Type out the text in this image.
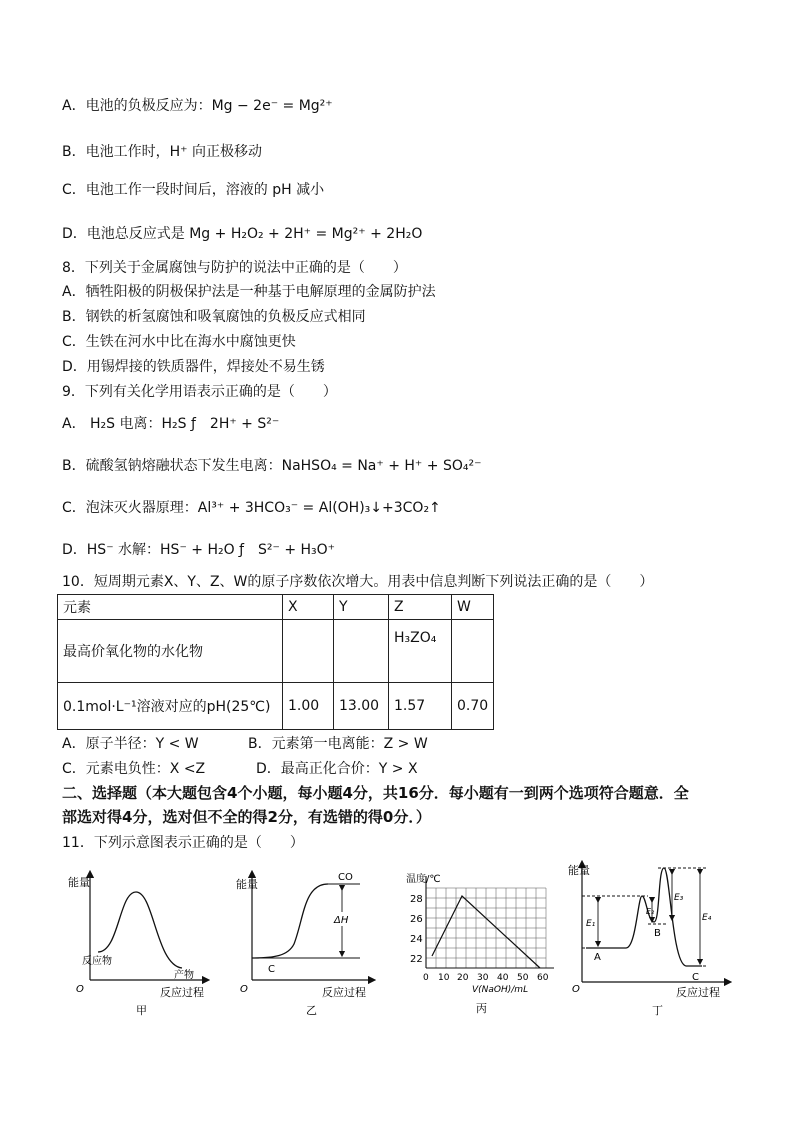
A．电池的负极反应为：Mg − 2e⁻ = Mg²⁺
B．电池工作时，H⁺ 向正极移动
C．电池工作一段时间后，溶液的 pH 减小
D．电池总反应式是 Mg + H₂O₂ + 2H⁺ = Mg²⁺ + 2H₂O
8．下列关于金属腐蚀与防护的说法中正确的是（　　）
A．牺牲阳极的阴极保护法是一种基于电解原理的金属防护法
B．钢铁的析氢腐蚀和吸氧腐蚀的负极反应式相同
C．生铁在河水中比在海水中腐蚀更快
D．用锡焊接的铁质器件，焊接处不易生锈
9．下列有关化学用语表示正确的是（　　）
A． H₂S 电离：H₂S ƒ　2H⁺ + S²⁻
B．硫酸氢钠熔融状态下发生电离：NaHSO₄ = Na⁺ + H⁺ + SO₄²⁻
C．泡沫灭火器原理：Al³⁺ + 3HCO₃⁻ = Al(OH)₃↓+3CO₂↑
D．HS⁻ 水解：HS⁻ + H₂O ƒ　S²⁻ + H₃O⁺
10．短周期元素X、Y、Z、W的原子序数依次增大。用表中信息判断下列说法正确的是（　　）
元素	X	Y	Z	W
最高价氧化物的水化物			H₃ZO₄	
0.1mol·L⁻¹溶液对应的pH(25℃)	1.00	13.00	1.57	0.70
A．原子半径：Y < W	B．元素第一电离能：Z > W
C．元素电负性：X <Z	D．最高正化合价：Y > X
二、选择题（本大题包含4个小题，每小题4分，共16分．每小题有一到两个选项符合题意．全
部选对得4分，选对但不全的得2分，有选错的得0分．）
11．下列示意图表示正确的是（　　）
能量
反应物
产物
O	反应过程
甲
ΔH
CO
C
能量
O	反应过程
乙
温度/℃
28
26
24
22
0 10 20 30 40 50 60
V(NaOH)/mL
丙
E₁
E₂
E₃
E₄
A
B
C
能量
O	反应过程
丁
